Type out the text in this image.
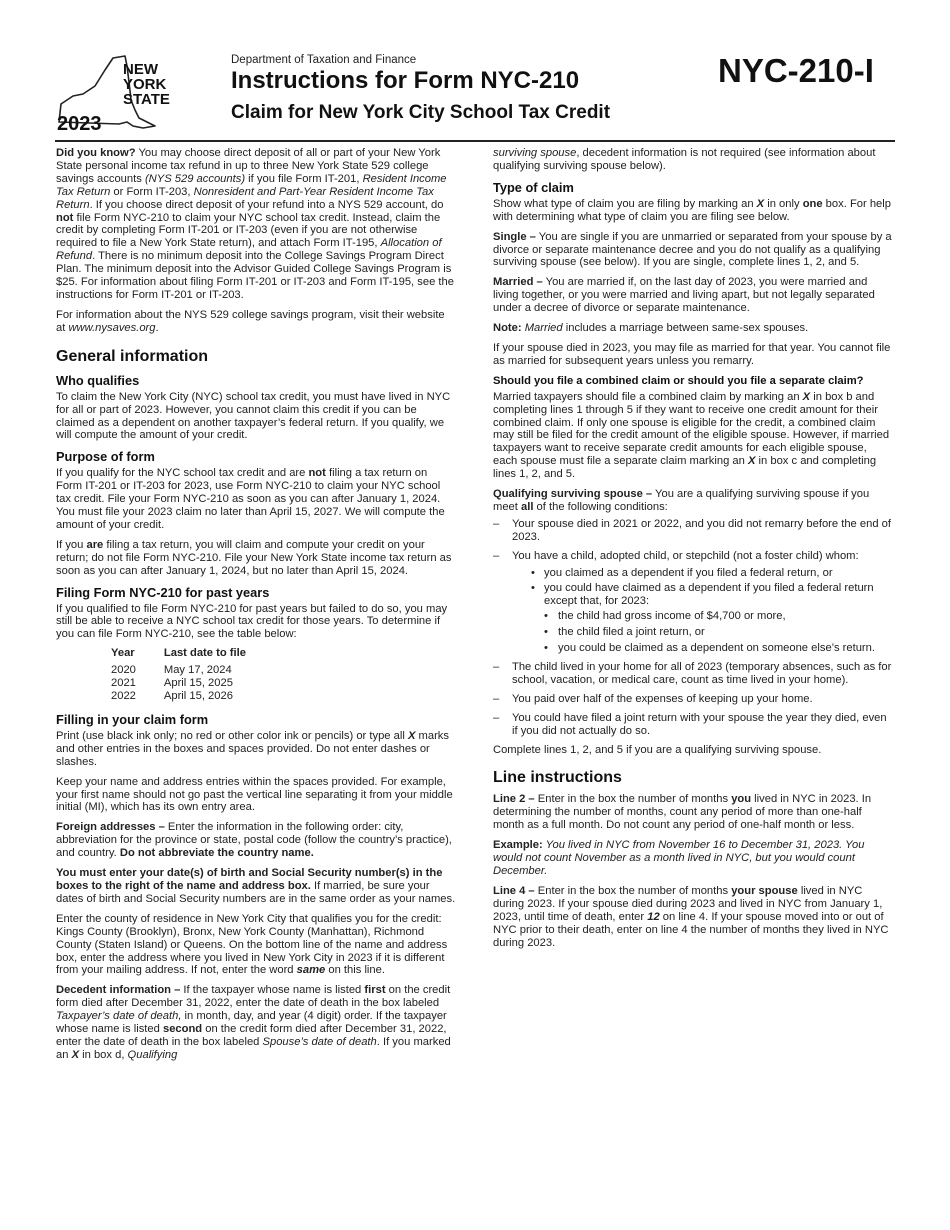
NEW
YORK
STATE
2023
Department of Taxation and Finance
Instructions for Form NYC-210
Claim for New York City School Tax Credit
NYC-210-I

Did you know? You may choose direct deposit of all or part of your New York State personal income tax refund in up to three New York State 529 college savings accounts (NYS 529 accounts) if you file Form IT-201, Resident Income Tax Return or Form IT-203, Nonresident and Part-Year Resident Income Tax Return. If you choose direct deposit of your refund into a NYS 529 account, do not file Form NYC-210 to claim your NYC school tax credit. Instead, claim the credit by completing Form IT-201 or IT-203 (even if you are not otherwise required to file a New York State return), and attach Form IT-195, Allocation of Refund. There is no minimum deposit into the College Savings Program Direct Plan. The minimum deposit into the Advisor Guided College Savings Program is $25. For information about filing Form IT-201 or IT-203 and Form IT-195, see the instructions for Form IT-201 or IT-203.

For information about the NYS 529 college savings program, visit their website at www.nysaves.org.

General information
Who qualifies

To claim the New York City (NYC) school tax credit, you must have lived in NYC for all or part of 2023. However, you cannot claim this credit if you can be claimed as a dependent on another taxpayer’s federal return. If you qualify, we will compute the amount of your credit.

Purpose of form

If you qualify for the NYC school tax credit and are not filing a tax return on Form IT-201 or IT-203 for 2023, use Form NYC-210 to claim your NYC school tax credit. File your Form NYC-210 as soon as you can after January 1, 2024. You must file your 2023 claim no later than April 15, 2027. We will compute the amount of your credit.

If you are filing a tax return, you will claim and compute your credit on your return; do not file Form NYC-210. File your New York State income tax return as soon as you can after January 1, 2024, but no later than April 15, 2024.

Filing Form NYC-210 for past years

If you qualified to file Form NYC-210 for past years but failed to do so, you may still be able to receive a NYC school tax credit for those years. To determine if you can file Form NYC-210, see the table below:

Year	Last date to file
2020	May 17, 2024
2021	April 15, 2025
2022	April 15, 2026
Filling in your claim form

Print (use black ink only; no red or other color ink or pencils) or type all X marks and other entries in the boxes and spaces provided. Do not enter dashes or slashes.

Keep your name and address entries within the spaces provided. For example, your first name should not go past the vertical line separating it from your middle initial (MI), which has its own entry area.

Foreign addresses – Enter the information in the following order: city, abbreviation for the province or state, postal code (follow the country’s practice), and country. Do not abbreviate the country name.

You must enter your date(s) of birth and Social Security number(s) in the boxes to the right of the name and address box. If married, be sure your dates of birth and Social Security numbers are in the same order as your names.

Enter the county of residence in New York City that qualifies you for the credit: Kings County (Brooklyn), Bronx, New York County (Manhattan), Richmond County (Staten Island) or Queens. On the bottom line of the name and address box, enter the address where you lived in New York City in 2023 if it is different from your mailing address. If not, enter the word same on this line.

Decedent information – If the taxpayer whose name is listed first on the credit form died after December 31, 2022, enter the date of death in the box labeled Taxpayer’s date of death, in month, day, and year (4 digit) order. If the taxpayer whose name is listed second on the credit form died after December 31, 2022, enter the date of death in the box labeled Spouse’s date of death. If you marked an X in box d, Qualifying

surviving spouse, decedent information is not required (see information about qualifying surviving spouse below).

Type of claim

Show what type of claim you are filing by marking an X in only one box. For help with determining what type of claim you are filing see below.

Single – You are single if you are unmarried or separated from your spouse by a divorce or separate maintenance decree and you do not qualify as a qualifying surviving spouse (see below). If you are single, complete lines 1, 2, and 5.

Married – You are married if, on the last day of 2023, you were married and living together, or you were married and living apart, but not legally separated under a decree of divorce or separate maintenance.

Note: Married includes a marriage between same-sex spouses.

If your spouse died in 2023, you may file as married for that year. You cannot file as married for subsequent years unless you remarry.

Should you file a combined claim or should you file a separate claim?

Married taxpayers should file a combined claim by marking an X in box b and completing lines 1 through 5 if they want to receive one credit amount for their combined claim. If only one spouse is eligible for the credit, a combined claim may still be filed for the credit amount of the eligible spouse. However, if married taxpayers want to receive separate credit amounts for each eligible spouse, each spouse must file a separate claim marking an X in box c and completing lines 1, 2, and 5.

Qualifying surviving spouse – You are a qualifying surviving spouse if you meet all of the following conditions:

– Your spouse died in 2021 or 2022, and you did not remarry before the end of 2023.
– You have a child, adopted child, or stepchild (not a foster child) whom:
• you claimed as a dependent if you filed a federal return, or
• you could have claimed as a dependent if you filed a federal return except that, for 2023:
• the child had gross income of $4,700 or more,
• the child filed a joint return, or
• you could be claimed as a dependent on someone else’s return.
– The child lived in your home for all of 2023 (temporary absences, such as for school, vacation, or medical care, count as time lived in your home).
– You paid over half of the expenses of keeping up your home.
– You could have filed a joint return with your spouse the year they died, even if you did not actually do so.

Complete lines 1, 2, and 5 if you are a qualifying surviving spouse.

Line instructions

Line 2 – Enter in the box the number of months you lived in NYC in 2023. In determining the number of months, count any period of more than one-half month as a full month. Do not count any period of one-half month or less.

Example: You lived in NYC from November 16 to December 31, 2023. You would not count November as a month lived in NYC, but you would count December.

Line 4 – Enter in the box the number of months your spouse lived in NYC during 2023. If your spouse died during 2023 and lived in NYC from January 1, 2023, until time of death, enter 12 on line 4. If your spouse moved into or out of NYC prior to their death, enter on line 4 the number of months they lived in NYC during 2023.
